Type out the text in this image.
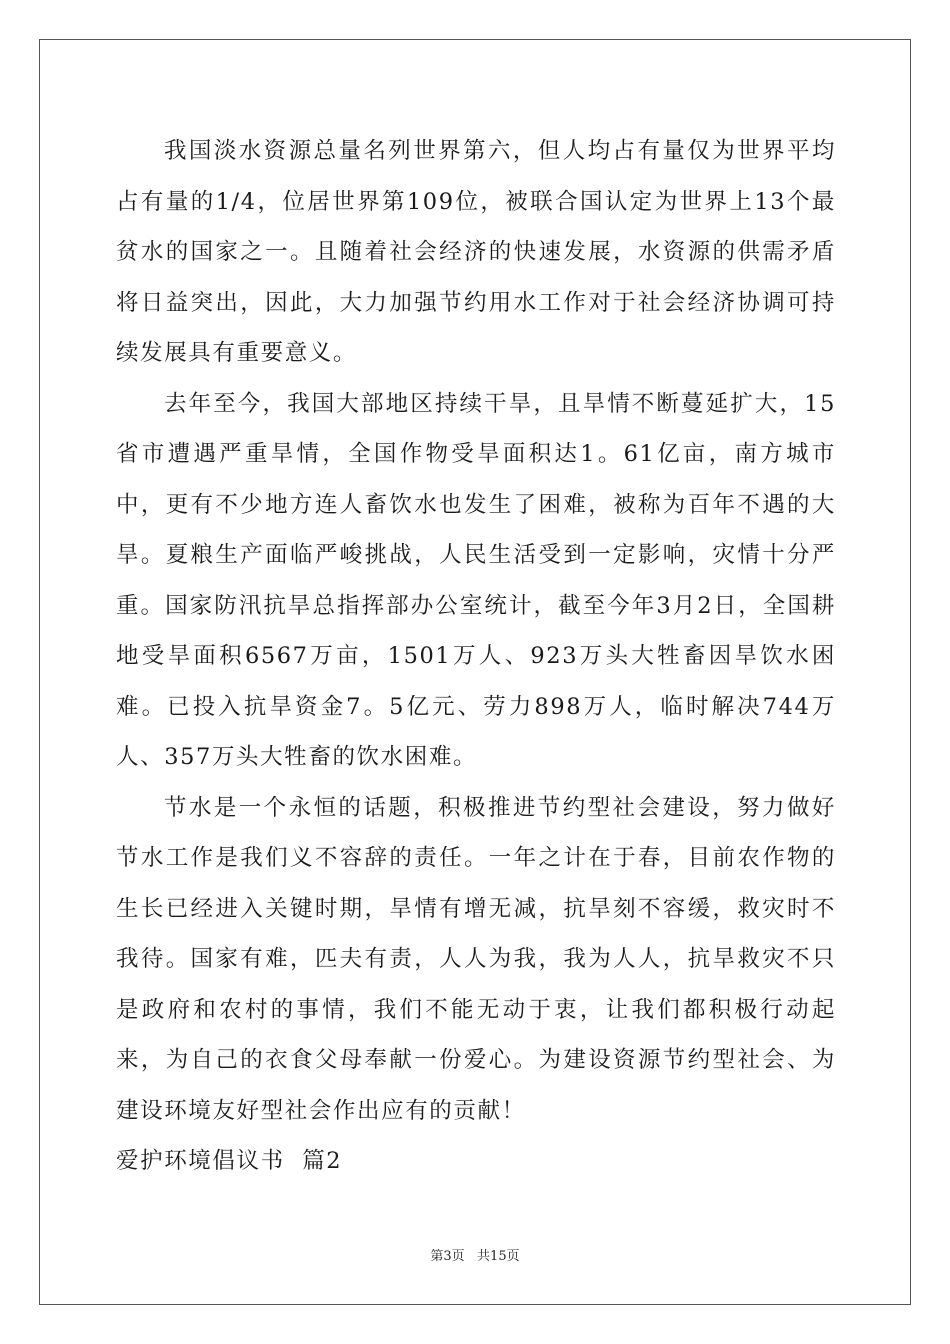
我国淡水资源总量名列世界第六，但人均占有量仅为世界平均占有量的1/4，位居世界第109位，被联合国认定为世界上13个最贫水的国家之一。且随着社会经济的快速发展，水资源的供需矛盾将日益突出，因此，大力加强节约用水工作对于社会经济协调可持续发展具有重要意义。

去年至今，我国大部地区持续干旱，且旱情不断蔓延扩大，15省市遭遇严重旱情，全国作物受旱面积达1。61亿亩，南方城市中，更有不少地方连人畜饮水也发生了困难，被称为百年不遇的大旱。夏粮生产面临严峻挑战，人民生活受到一定影响，灾情十分严重。国家防汛抗旱总指挥部办公室统计，截至今年3月2日，全国耕地受旱面积6567万亩，1501万人、923万头大牲畜因旱饮水困难。已投入抗旱资金7。5亿元、劳力898万人，临时解决744万人、357万头大牲畜的饮水困难。

节水是一个永恒的话题，积极推进节约型社会建设，努力做好节水工作是我们义不容辞的责任。一年之计在于春，目前农作物的生长已经进入关键时期，旱情有增无减，抗旱刻不容缓，救灾时不我待。国家有难，匹夫有责，人人为我，我为人人，抗旱救灾不只是政府和农村的事情，我们不能无动于衷，让我们都积极行动起来，为自己的衣食父母奉献一份爱心。为建设资源节约型社会、为建设环境友好型社会作出应有的贡献！

爱护环境倡议书  篇2

第3页   共15页
